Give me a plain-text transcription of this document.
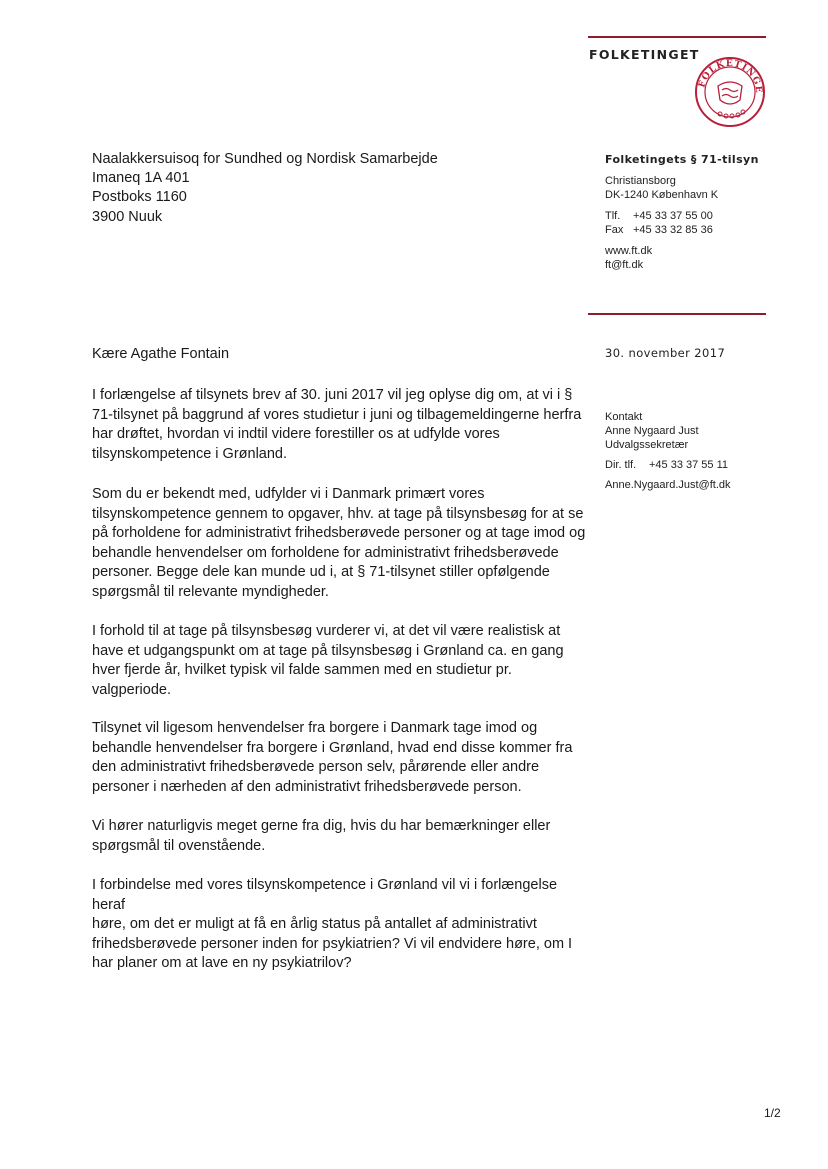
FOLKETINGET
FOLKETINGE
Naalakkersuisoq for Sundhed og Nordisk Samarbejde
Imaneq 1A 401
Postboks 1160
3900 Nuuk
Folketingets § 71-tilsyn
Christiansborg
DK-1240 København K
Tlf. +45 33 37 55 00
Fax +45 33 32 85 36
www.ft.dk
ft@ft.dk
30. november 2017
Kontakt
Anne Nygaard Just
Udvalgssekretær
Dir. tlf. +45 33 37 55 11
Anne.Nygaard.Just@ft.dk
Kære Agathe Fontain

I forlængelse af tilsynets brev af 30. juni 2017 vil jeg oplyse dig om, at vi i §

71-tilsynet på baggrund af vores studietur i juni og tilbagemeldingerne herfra

har drøftet, hvordan vi indtil videre forestiller os at udfylde vores

tilsynskompetence i Grønland.

Som du er bekendt med, udfylder vi i Danmark primært vores

tilsynskompetence gennem to opgaver, hhv. at tage på tilsynsbesøg for at se

på forholdene for administrativt frihedsberøvede personer og at tage imod og

behandle henvendelser om forholdene for administrativt frihedsberøvede

personer. Begge dele kan munde ud i, at § 71-tilsynet stiller opfølgende

spørgsmål til relevante myndigheder.

I forhold til at tage på tilsynsbesøg vurderer vi, at det vil være realistisk at

have et udgangspunkt om at tage på tilsynsbesøg i Grønland ca. en gang

hver fjerde år, hvilket typisk vil falde sammen med en studietur pr.

valgperiode.

Tilsynet vil ligesom henvendelser fra borgere i Danmark tage imod og

behandle henvendelser fra borgere i Grønland, hvad end disse kommer fra

den administrativt frihedsberøvede person selv, pårørende eller andre

personer i nærheden af den administrativt frihedsberøvede person.

Vi hører naturligvis meget gerne fra dig, hvis du har bemærkninger eller

spørgsmål til ovenstående.

I forbindelse med vores tilsynskompetence i Grønland vil vi i forlængelse heraf

høre, om det er muligt at få en årlig status på antallet af administrativt

frihedsberøvede personer inden for psykiatrien? Vi vil endvidere høre, om I

har planer om at lave en ny psykiatrilov?

1/2
